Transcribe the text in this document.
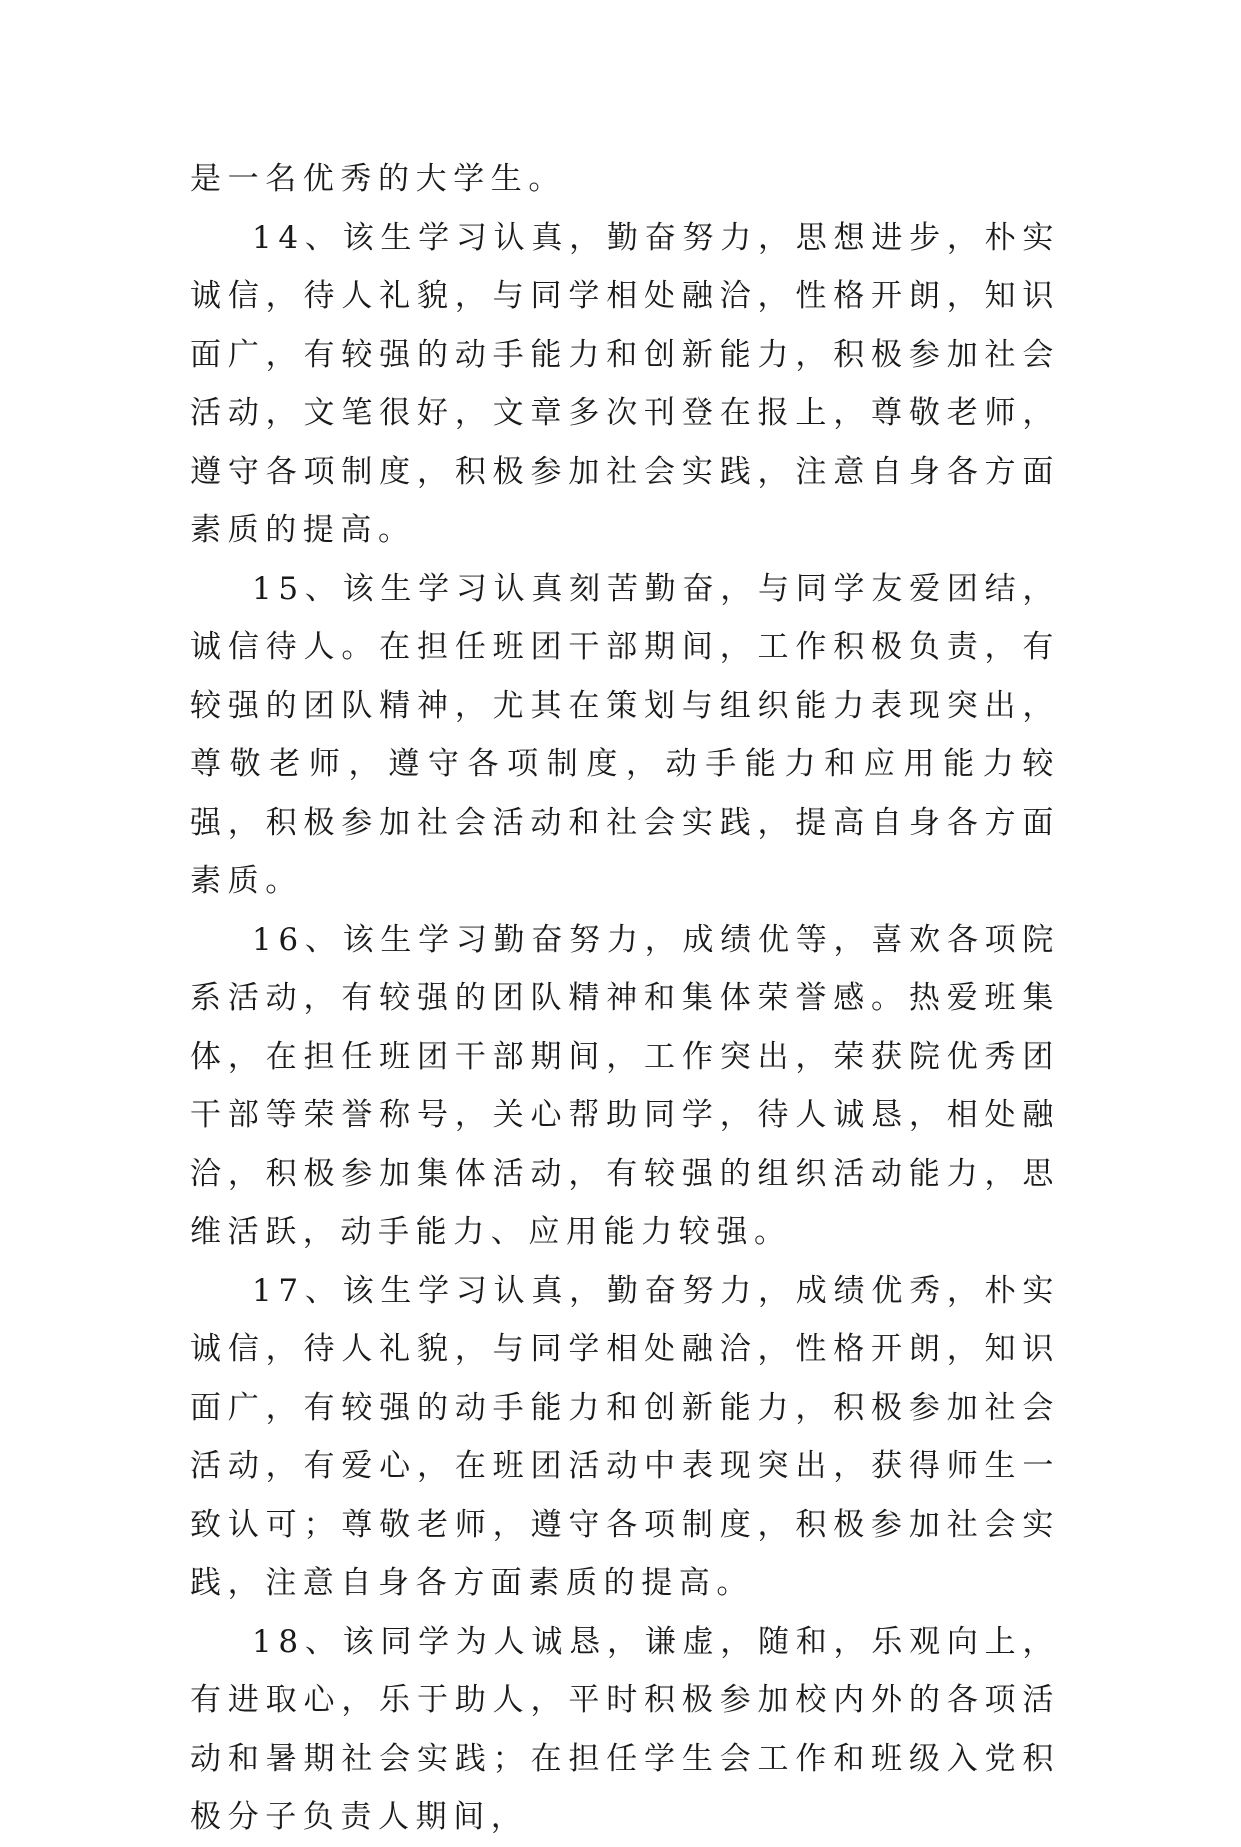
是一名优秀的大学生。

14、该生学习认真，勤奋努力，思想进步，朴实诚信，待人礼貌，与同学相处融洽，性格开朗，知识面广，有较强的动手能力和创新能力，积极参加社会活动，文笔很好，文章多次刊登在报上，尊敬老师，遵守各项制度，积极参加社会实践，注意自身各方面素质的提高。

15、该生学习认真刻苦勤奋，与同学友爱团结，诚信待人。在担任班团干部期间，工作积极负责，有较强的团队精神，尤其在策划与组织能力表现突出，尊敬老师，遵守各项制度，动手能力和应用能力较强，积极参加社会活动和社会实践，提高自身各方面素质。

16、该生学习勤奋努力，成绩优等，喜欢各项院系活动，有较强的团队精神和集体荣誉感。热爱班集体，在担任班团干部期间，工作突出，荣获院优秀团干部等荣誉称号，关心帮助同学，待人诚恳，相处融洽，积极参加集体活动，有较强的组织活动能力，思维活跃，动手能力、应用能力较强。

17、该生学习认真，勤奋努力，成绩优秀，朴实诚信，待人礼貌，与同学相处融洽，性格开朗，知识面广，有较强的动手能力和创新能力，积极参加社会活动，有爱心，在班团活动中表现突出，获得师生一致认可；尊敬老师，遵守各项制度，积极参加社会实践，注意自身各方面素质的提高。

18、该同学为人诚恳，谦虚，随和，乐观向上，有进取心，乐于助人，平时积极参加校内外的各项活动和暑期社会实践；在担任学生会工作和班级入党积极分子负责人期间，
